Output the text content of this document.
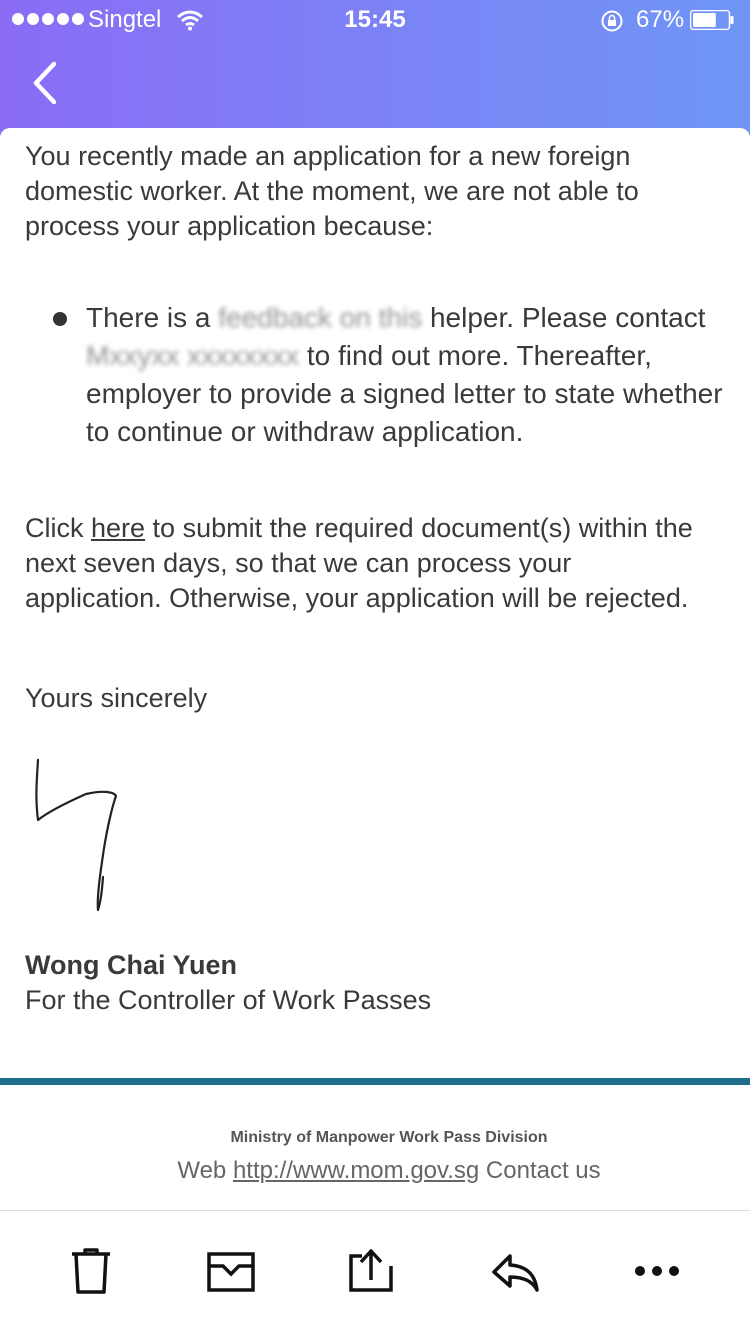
Singtel	15:45	67%

You recently made an application for a new foreign domestic worker. At the moment, we are not able to process your application because:

There is a feedback on this helper. Please contact Mxxyxx xxxxxxxx to find out more. Thereafter, employer to provide a signed letter to state whether to continue or withdraw application.

Click here to submit the required document(s) within the next seven days, so that we can process your application. Otherwise, your application will be rejected.

Yours sincerely
Wong Chai Yuen
For the Controller of Work Passes
Ministry of Manpower Work Pass Division
Web http://www.mom.gov.sg Contact us
